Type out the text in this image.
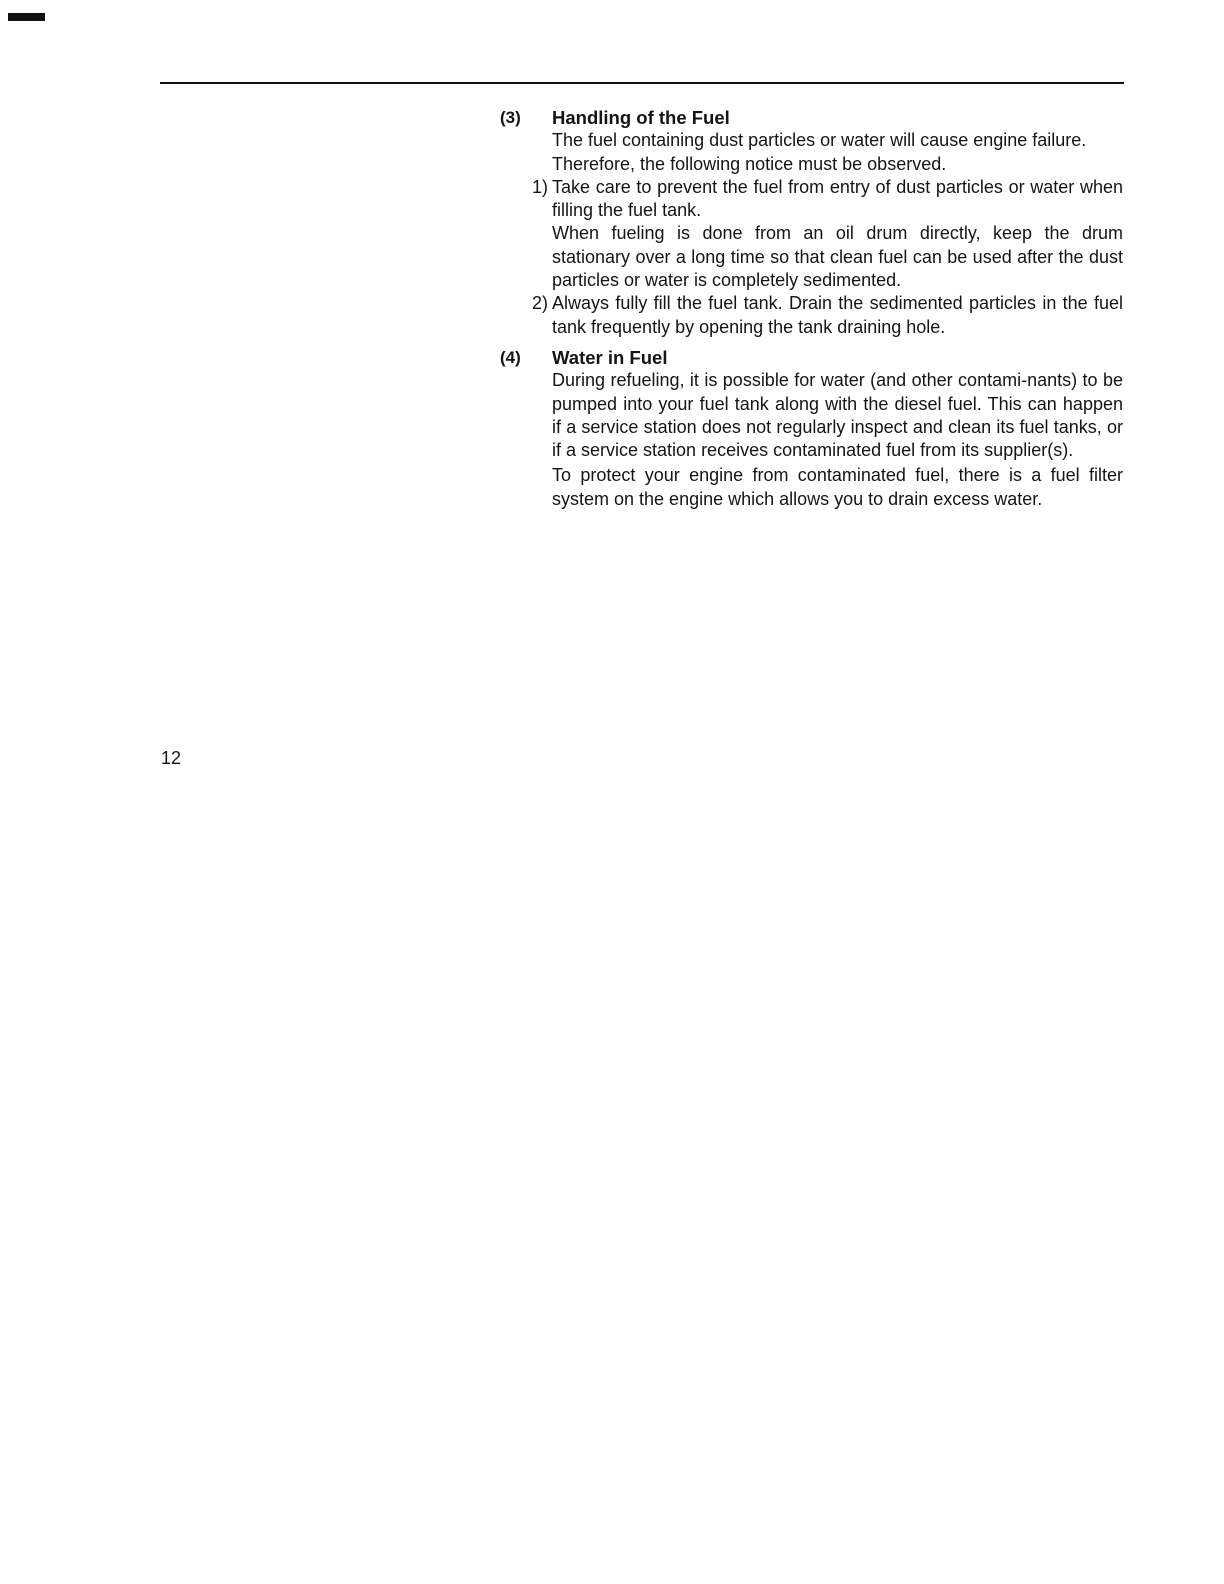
(3) Handling of the Fuel

The fuel containing dust particles or water will cause engine failure.

Therefore, the following notice must be observed.

1) Take care to prevent the fuel from entry of dust particles or water when filling the fuel tank.

When fueling is done from an oil drum directly, keep the drum stationary over a long time so that clean fuel can be used after the dust particles or water is completely sedimented.

2) Always fully fill the fuel tank. Drain the sedimented particles in the fuel tank frequently by opening the tank draining hole.

(4) Water in Fuel

During refueling, it is possible for water (and other contami-nants) to be pumped into your fuel tank along with the diesel fuel. This can happen if a service station does not regularly inspect and clean its fuel tanks, or if a service station receives contaminated fuel from its supplier(s).

To protect your engine from contaminated fuel, there is a fuel filter system on the engine which allows you to drain excess water.

12
